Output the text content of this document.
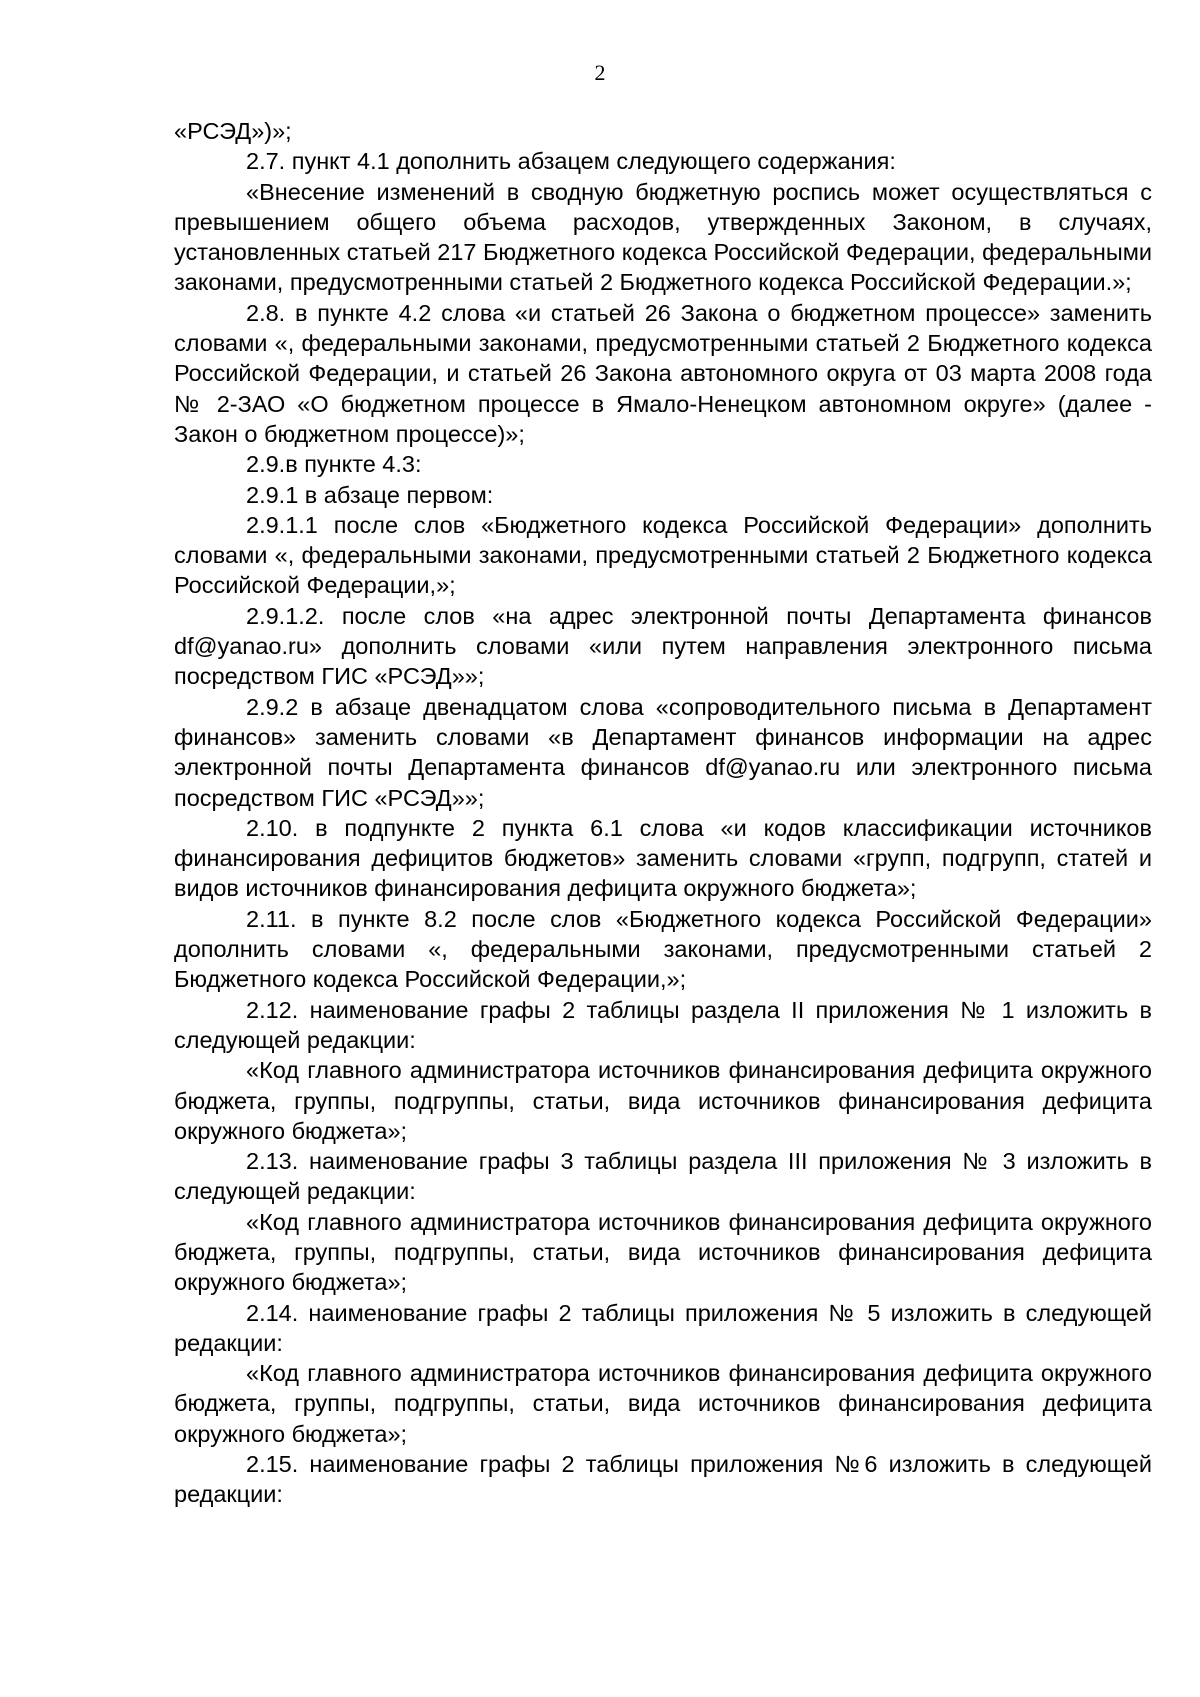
2

«РСЭД»)»;

2.7. пункт 4.1 дополнить абзацем следующего содержания:

«Внесение изменений в сводную бюджетную роспись может осуществляться с превышением общего объема расходов, утвержденных Законом, в случаях, установленных статьей 217 Бюджетного кодекса Российской Федерации, федеральными законами, предусмотренными статьей 2 Бюджетного кодекса Российской Федерации.»;

2.8. в пункте 4.2 слова «и статьей 26 Закона о бюджетном процессе» заменить словами «, федеральными законами, предусмотренными статьей 2 Бюджетного кодекса Российской Федерации, и статьей 26 Закона автономного округа от 03 марта 2008 года № 2-ЗАО «О бюджетном процессе в Ямало-Ненецком автономном округе» (далее - Закон о бюджетном процессе)»;

2.9.в пункте 4.3:

2.9.1 в абзаце первом:

2.9.1.1 после слов «Бюджетного кодекса Российской Федерации» дополнить словами «, федеральными законами, предусмотренными статьей 2 Бюджетного кодекса Российской Федерации,»;

2.9.1.2. после слов «на адрес электронной почты Департамента финансов df@yanao.ru» дополнить словами «или путем направления электронного письма посредством ГИС «РСЭД»»;

2.9.2 в абзаце двенадцатом слова «сопроводительного письма в Департамент финансов» заменить словами «в Департамент финансов информации на адрес электронной почты Департамента финансов df@yanao.ru или электронного письма посредством ГИС «РСЭД»»;

2.10. в подпункте 2 пункта 6.1 слова «и кодов классификации источников финансирования дефицитов бюджетов» заменить словами «групп, подгрупп, статей и видов источников финансирования дефицита окружного бюджета»;

2.11. в пункте 8.2 после слов «Бюджетного кодекса Российской Федерации» дополнить словами «, федеральными законами, предусмотренными статьей 2 Бюджетного кодекса Российской Федерации,»;

2.12. наименование графы 2 таблицы раздела II приложения № 1 изложить в следующей редакции:

«Код главного администратора источников финансирования дефицита окружного бюджета, группы, подгруппы, статьи, вида источников финансирования дефицита окружного бюджета»;

2.13. наименование графы 3 таблицы раздела III приложения № 3 изложить в следующей редакции:

«Код главного администратора источников финансирования дефицита окружного бюджета, группы, подгруппы, статьи, вида источников финансирования дефицита окружного бюджета»;

2.14. наименование графы 2 таблицы приложения № 5 изложить в следующей редакции:

«Код главного администратора источников финансирования дефицита окружного бюджета, группы, подгруппы, статьи, вида источников финансирования дефицита окружного бюджета»;

2.15. наименование графы 2 таблицы приложения №6 изложить в следующей редакции:
